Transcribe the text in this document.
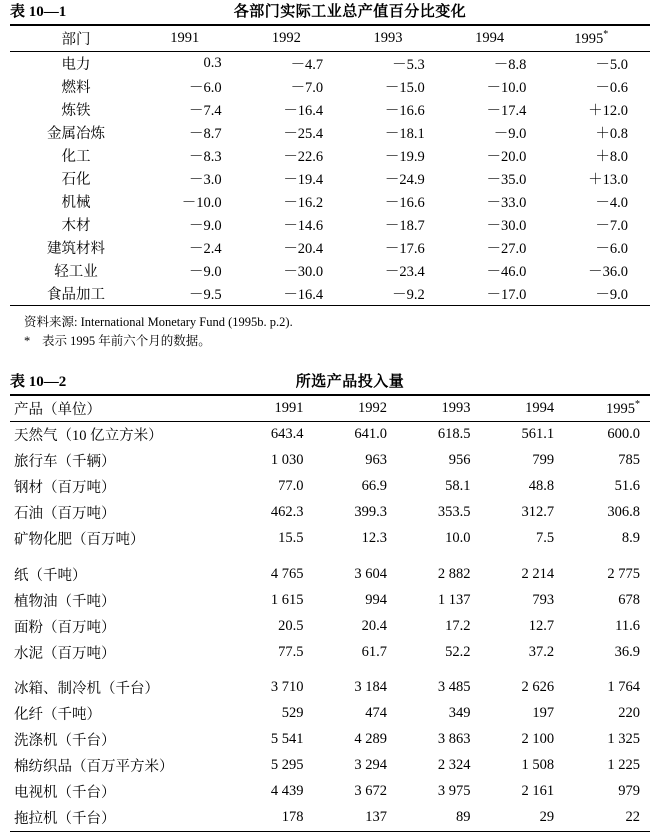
表 10—1	各部门实际工业总产值百分比变化
部门	1991	1992	1993	1994	1995*
电力	0.3	－4.7	－5.3	－8.8	－5.0
燃料	－6.0	－7.0	－15.0	－10.0	－0.6
炼铁	－7.4	－16.4	－16.6	－17.4	＋12.0
金属冶炼	－8.7	－25.4	－18.1	－9.0	＋0.8
化工	－8.3	－22.6	－19.9	－20.0	＋8.0
石化	－3.0	－19.4	－24.9	－35.0	＋13.0
机械	－10.0	－16.2	－16.6	－33.0	－4.0
木材	－9.0	－14.6	－18.7	－30.0	－7.0
建筑材料	－2.4	－20.4	－17.6	－27.0	－6.0
轻工业	－9.0	－30.0	－23.4	－46.0	－36.0
食品加工	－9.5	－16.4	－9.2	－17.0	－9.0
资料来源: International Monetary Fund (1995b. p.2).
* 表示 1995 年前六个月的数据。
表 10—2	所选产品投入量
产品（单位）	1991	1992	1993	1994	1995*
天然气（10 亿立方米）	643.4	641.0	618.5	561.1	600.0
旅行车（千辆）	1 030	963	956	799	785
钢材（百万吨）	77.0	66.9	58.1	48.8	51.6
石油（百万吨）	462.3	399.3	353.5	312.7	306.8
矿物化肥（百万吨）	15.5	12.3	10.0	7.5	8.9
纸（千吨）	4 765	3 604	2 882	2 214	2 775
植物油（千吨）	1 615	994	1 137	793	678
面粉（百万吨）	20.5	20.4	17.2	12.7	11.6
水泥（百万吨）	77.5	61.7	52.2	37.2	36.9
冰箱、制冷机（千台）	3 710	3 184	3 485	2 626	1 764
化纤（千吨）	529	474	349	197	220
洗涤机（千台）	5 541	4 289	3 863	2 100	1 325
棉纺织品（百万平方米）	5 295	3 294	2 324	1 508	1 225
电视机（千台）	4 439	3 672	3 975	2 161	979
拖拉机（千台）	178	137	89	29	22
